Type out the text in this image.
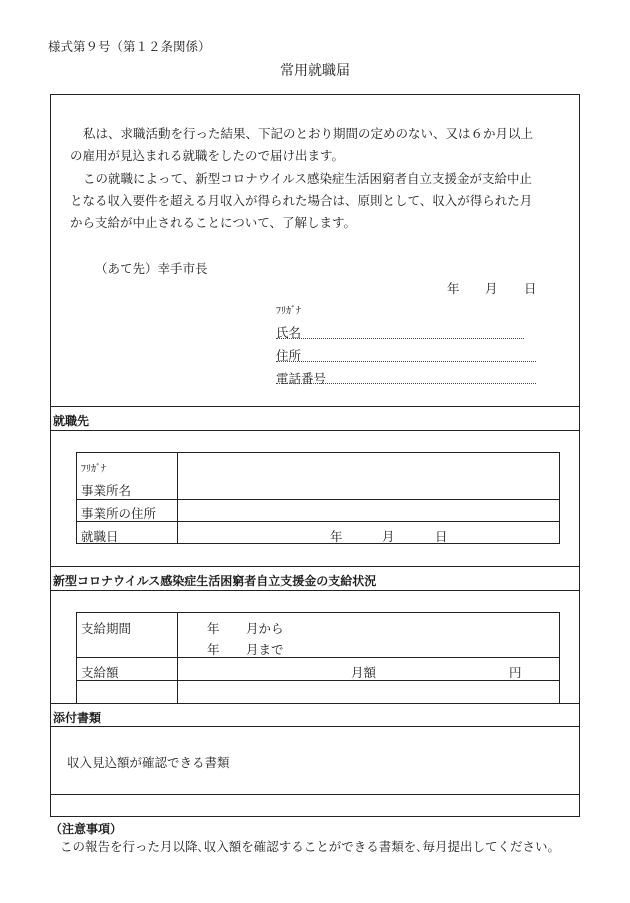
様式第９号（第１２条関係）
常用就職届
私は、求職活動を行った結果、下記のとおり期間の定めのない、又は６か月以上
の雇用が見込まれる就職をしたので届け出ます。
この就職によって、新型コロナウイルス感染症生活困窮者自立支援金が支給中止
となる収入要件を超える月収入が得られた場合は、原則として、収入が得られた月
から支給が中止されることについて、了解します。
（あて先）幸手市長
年 月 日
ﾌﾘｶﾞﾅ
氏名
住所
電話番号
就職先
ﾌﾘｶﾞﾅ
事業所名
事業所の住所
就職日	年	月	日
新型コロナウイルス感染症生活困窮者自立支援金の支給状況
支給期間	年 月から
年 月まで
支給額	月額	円
添付書類
収入見込額が確認できる書類
（注意事項）
この報告を行った月以降､収入額を確認することができる書類を､毎月提出してください。
